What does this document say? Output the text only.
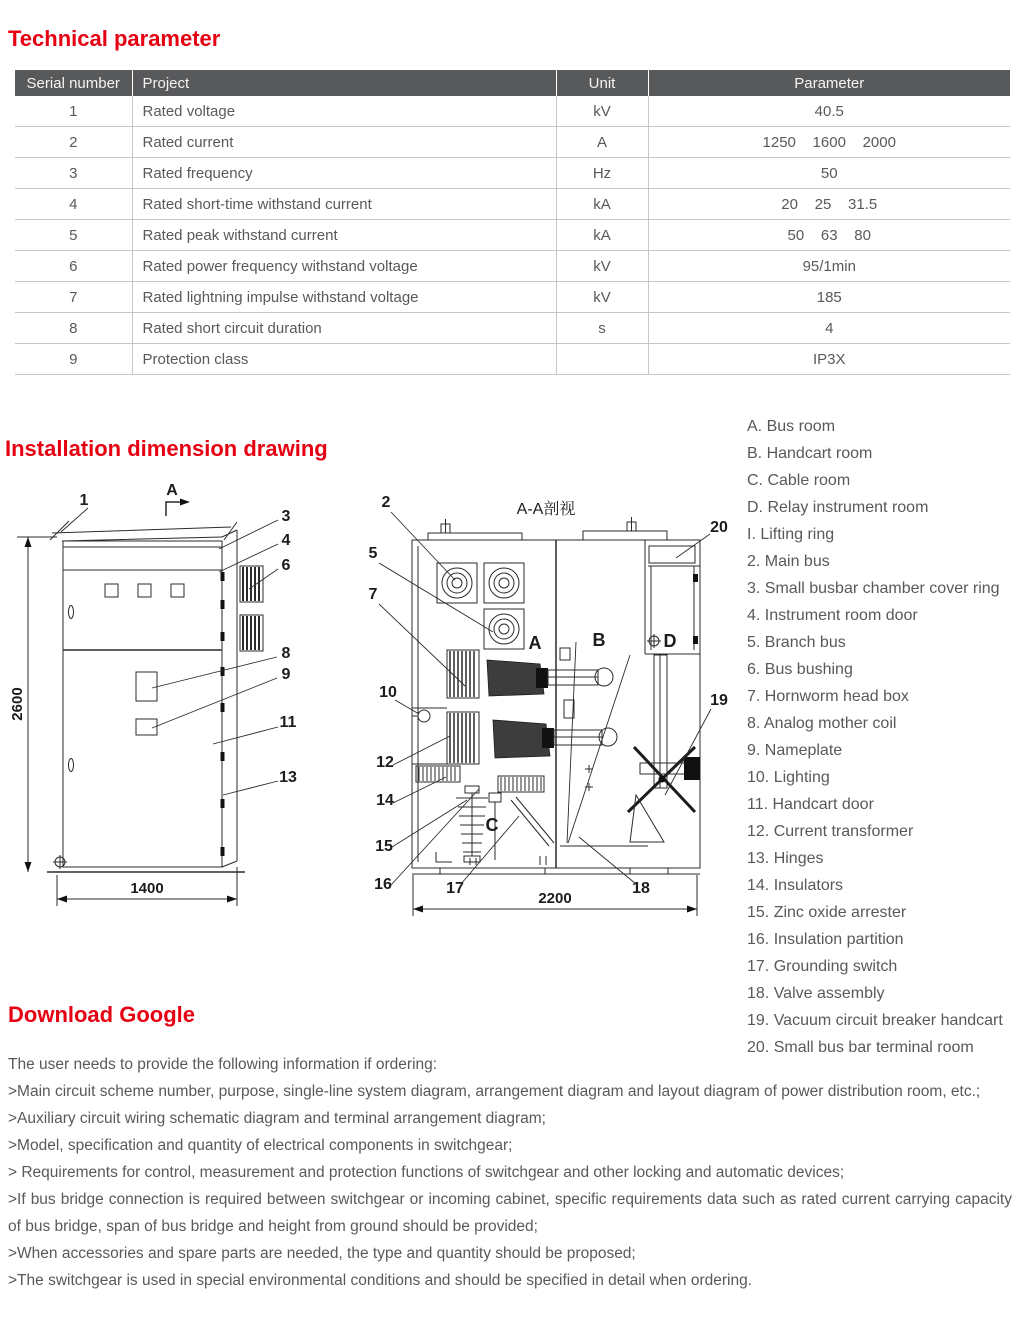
Technical parameter
Serial number	Project	Unit	Parameter
1	Rated voltage	kV	40.5
2	Rated current	A	1250    1600    2000
3	Rated frequency	Hz	50
4	Rated short-time withstand current	kA	20    25    31.5
5	Rated peak withstand current	kA	50    63    80
6	Rated power frequency withstand voltage	kV	95/1min
7	Rated lightning impulse withstand voltage	kV	185
8	Rated short circuit duration	s	4
9	Protection class		IP3X
Installation dimension drawing
2600
1400
A
1
3
4
6
8
9
11
13
A-A剖视
A	B
C
D
2200
2
20
5
7
10	19
12
14
15
16	17	18
A. Bus room
B. Handcart room
C. Cable room
D. Relay instrument room
I. Lifting ring
2. Main bus
3. Small busbar chamber cover ring
4. Instrument room door
5. Branch bus
6. Bus bushing
7. Hornworm head box
8. Analog mother coil
9. Nameplate
10. Lighting
11. Handcart door
12. Current transformer
13. Hinges
14. Insulators
15. Zinc oxide arrester
16. Insulation partition
17. Grounding switch
18. Valve assembly
19. Vacuum circuit breaker handcart
20. Small bus bar terminal room
Download Google

The user needs to provide the following information if ordering:

>Main circuit scheme number, purpose, single-line system diagram, arrangement diagram and layout diagram of power distribution room, etc.;

>Auxiliary circuit wiring schematic diagram and terminal arrangement diagram;

>Model, specification and quantity of electrical components in switchgear;

> Requirements for control, measurement and protection functions of switchgear and other locking and automatic devices;

>If bus bridge connection is required between switchgear or incoming cabinet, specific requirements data such as rated current carrying capacity of bus bridge, span of bus bridge and height from ground should be provided;

>When accessories and spare parts are needed, the type and quantity should be proposed;

>The switchgear is used in special environmental conditions and should be specified in detail when ordering.
